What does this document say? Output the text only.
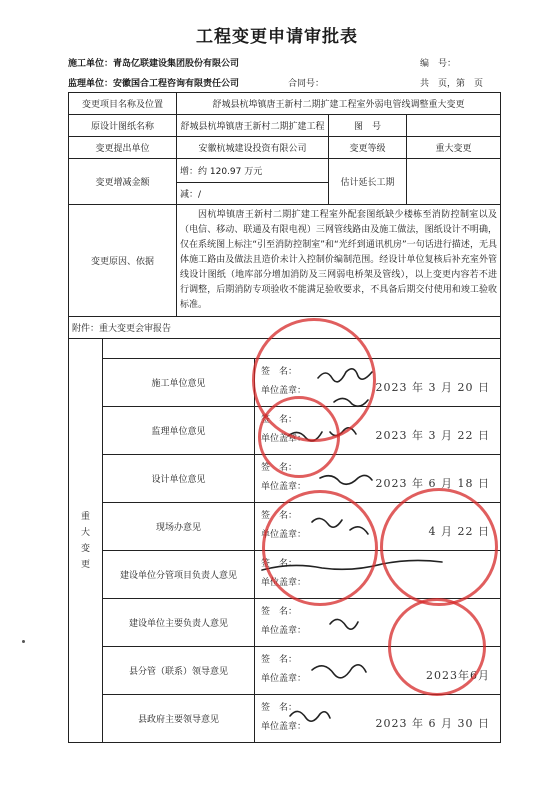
工程变更申请审批表
施工单位：青岛亿联建设集团股份有限公司	编　号：
监理单位：安徽国合工程咨询有限责任公司	合同号：	共　页，第　页
变更项目名称及位置		舒城县杭埠镇唐王新村二期扩建工程室外弱电管线调整重大变更			
原设计图纸名称		舒城县杭埠镇唐王新村二期扩建工程		图　号	
变更提出单位		安徽杭城建设投资有限公司		变更等级	重大变更
变更增减金额		增：约 120.97 万元		估计延长工期	
		减：/			
变更原因、依据		因杭埠镇唐王新村二期扩建工程室外配套图纸缺少楼栋至消防控制室以及（电信、移动、联通及有限电视）三网管线路由及施工做法，图纸设计不明确，仅在系统图上标注“引至消防控制室”和“光纤到通讯机房”一句话进行描述，无具体施工路由及做法且造价未计入控制价编制范围。经设计单位复核后补充室外管线设计图纸（地库部分增加消防及三网弱电桥架及管线），以上变更内容若不进行调整，后期消防专项验收不能满足验收要求，不具备后期交付使用和竣工验收标准。			
附件：重大变更会审报告					

重
大
变
更					

	施工单位意见		签　名：
单位盖章： 2023 年 3 月 20 日		

	监理单位意见		签　名：
单位盖章： 2023 年 3 月 22 日		

	设计单位意见		签　名：
单位盖章： 2023 年 6 月 18 日		

	现场办意见		签　名：
单位盖章： 4 月 22 日		

	建设单位分管项目负责人意见		签　名：
单位盖章：		

	建设单位主要负责人意见		签　名：
单位盖章：		

	县分管（联系）领导意见		签　名：
单位盖章： 2023年6月		

	县政府主要领导意见		签　名：
单位盖章： 2023 年 6 月 30 日		
